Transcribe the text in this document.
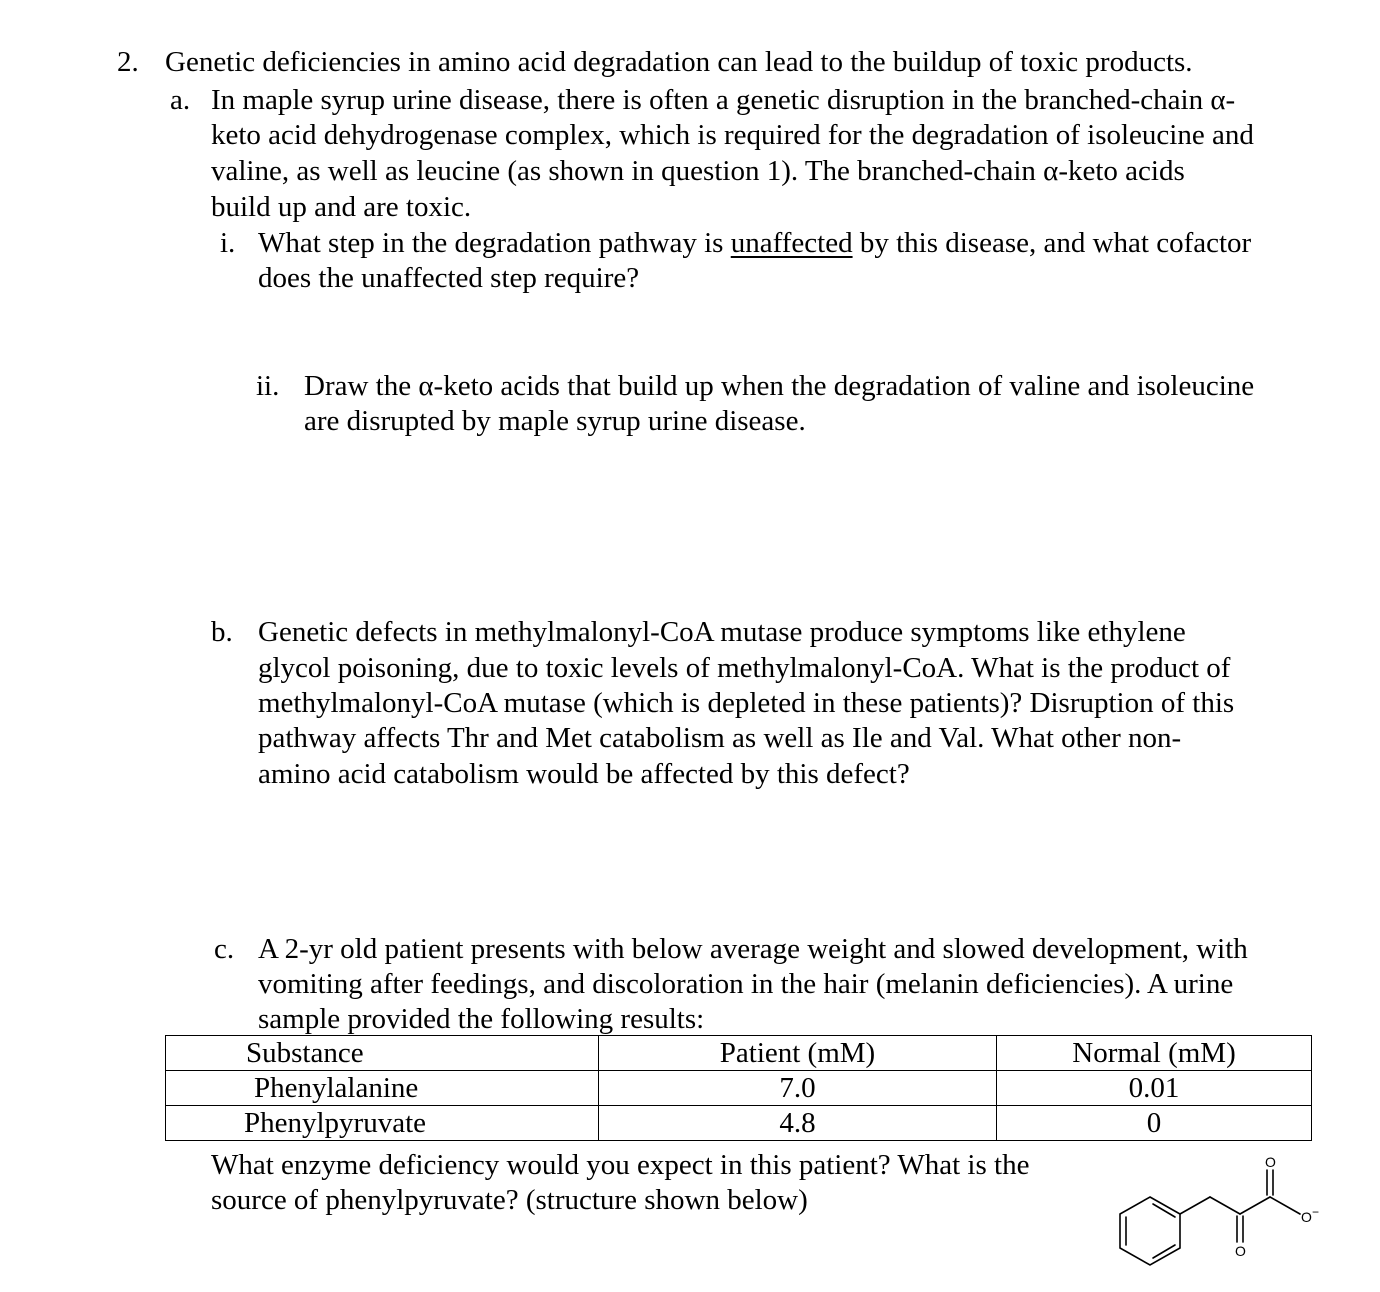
2. Genetic deficiencies in amino acid degradation can lead to the buildup of toxic products.
a. In maple syrup urine disease, there is often a genetic disruption in the branched-chain α-
keto acid dehydrogenase complex, which is required for the degradation of isoleucine and
valine, as well as leucine (as shown in question 1). The branched-chain α-keto acids
build up and are toxic.
i. What step in the degradation pathway is unaffected by this disease, and what cofactor
does the unaffected step require?
ii. Draw the α-keto acids that build up when the degradation of valine and isoleucine
are disrupted by maple syrup urine disease.
b. Genetic defects in methylmalonyl-CoA mutase produce symptoms like ethylene
glycol poisoning, due to toxic levels of methylmalonyl-CoA. What is the product of
methylmalonyl-CoA mutase (which is depleted in these patients)? Disruption of this
pathway affects Thr and Met catabolism as well as Ile and Val. What other non-
amino acid catabolism would be affected by this defect?
c. A 2-yr old patient presents with below average weight and slowed development, with
vomiting after feedings, and discoloration in the hair (melanin deficiencies). A urine
sample provided the following results:
Substance	Patient (mM)	Normal (mM)
Phenylalanine	7.0	0.01
Phenylpyruvate	4.8	0
What enzyme deficiency would you expect in this patient? What is the
source of phenylpyruvate? (structure shown below)
O
O
O −
